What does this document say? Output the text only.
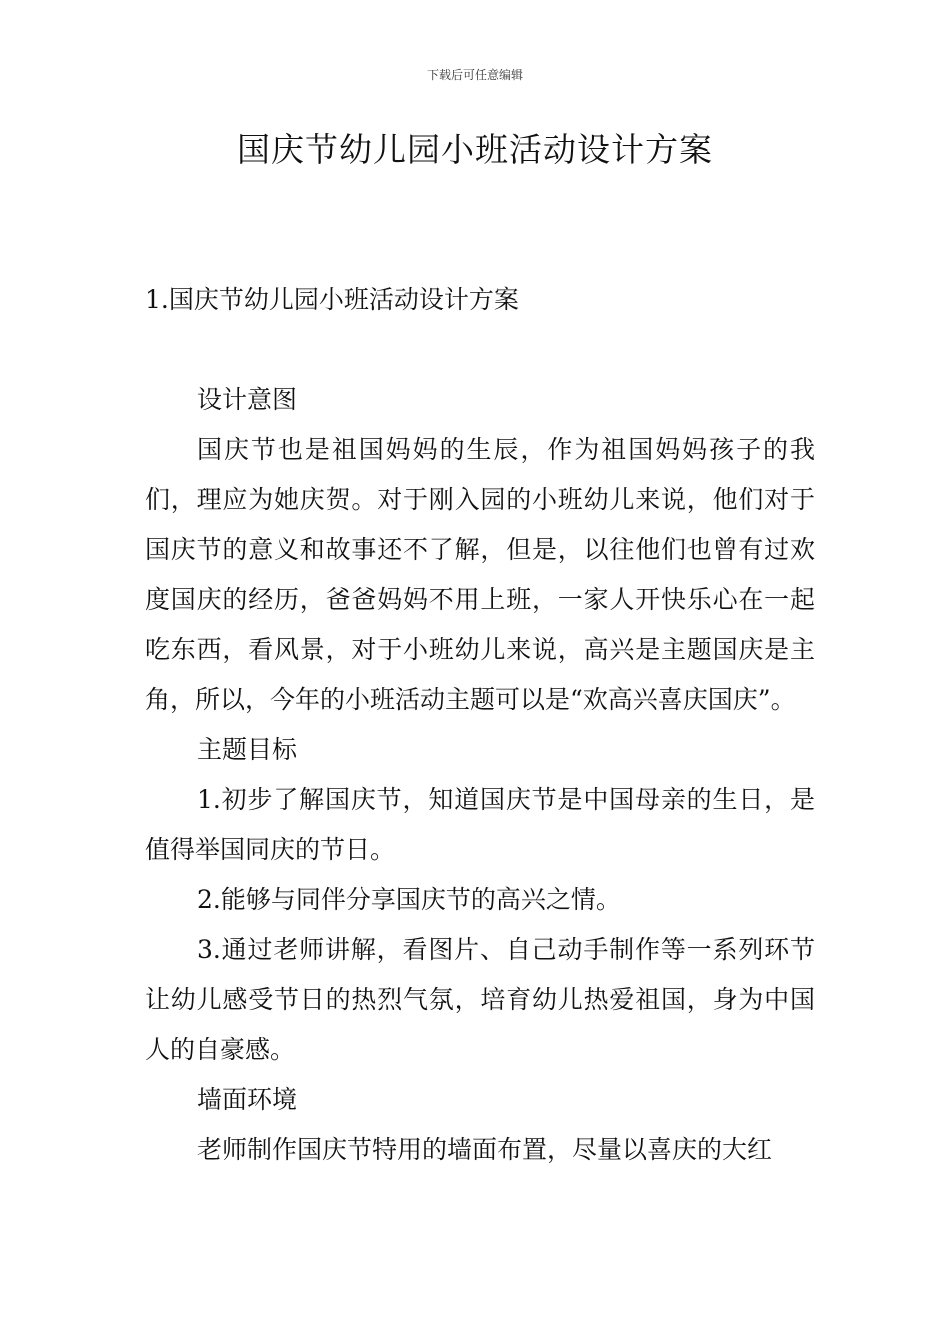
下载后可任意编辑
国庆节幼儿园小班活动设计方案

1.国庆节幼儿园小班活动设计方案

设计意图

国庆节也是祖国妈妈的生辰，作为祖国妈妈孩子的我们，理应为她庆贺。对于刚入园的小班幼儿来说，他们对于国庆节的意义和故事还不了解，但是，以往他们也曾有过欢度国庆的经历，爸爸妈妈不用上班，一家人开快乐心在一起吃东西，看风景，对于小班幼儿来说，高兴是主题国庆是主角，所以，今年的小班活动主题可以是“欢高兴喜庆国庆”。

主题目标

1.初步了解国庆节，知道国庆节是中国母亲的生日，是值得举国同庆的节日。

2.能够与同伴分享国庆节的高兴之情。

3.通过老师讲解，看图片、自己动手制作等一系列环节让幼儿感受节日的热烈气氛，培育幼儿热爱祖国，身为中国人的自豪感。

墙面环境

老师制作国庆节特用的墙面布置，尽量以喜庆的大红
